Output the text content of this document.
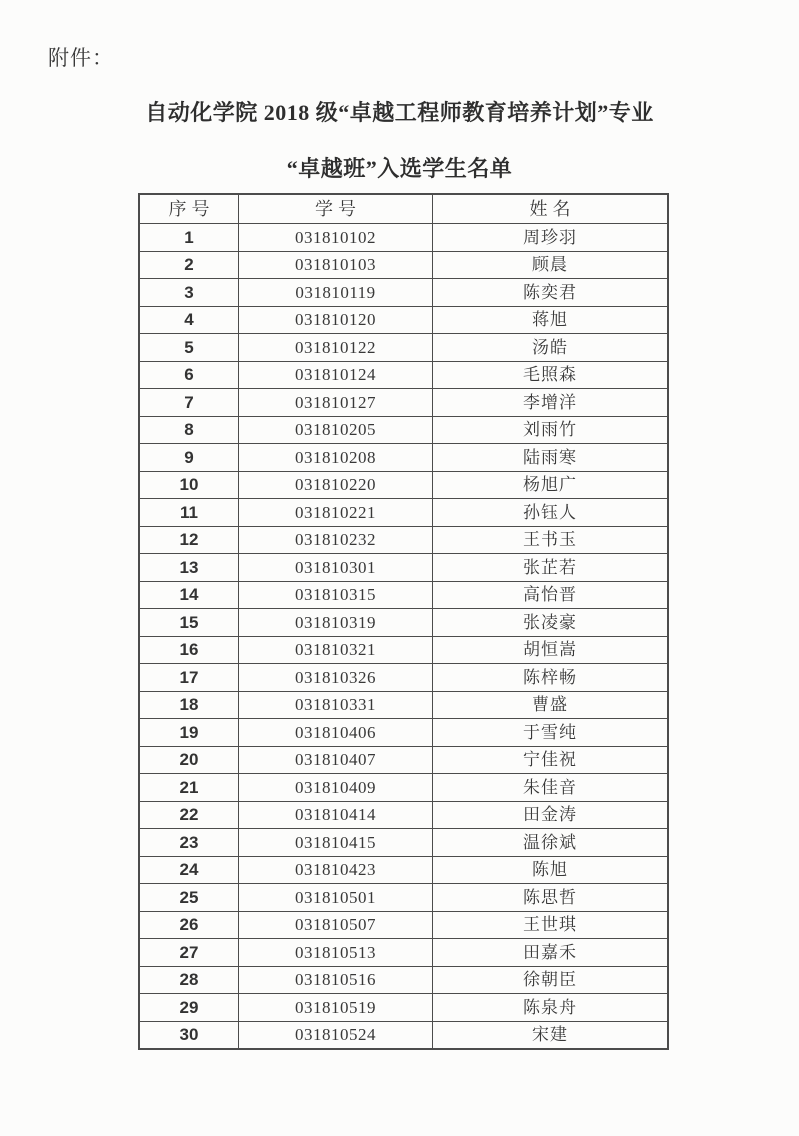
附件：
自动化学院 2018 级“卓越工程师教育培养计划”专业
“卓越班”入选学生名单
序号	学号	姓名
1	031810102	周珍羽
2	031810103	顾晨
3	031810119	陈奕君
4	031810120	蒋旭
5	031810122	汤皓
6	031810124	毛照森
7	031810127	李增洋
8	031810205	刘雨竹
9	031810208	陆雨寒
10	031810220	杨旭广
11	031810221	孙钰人
12	031810232	王书玉
13	031810301	张芷若
14	031810315	高怡晋
15	031810319	张凌豪
16	031810321	胡恒嵩
17	031810326	陈梓畅
18	031810331	曹盛
19	031810406	于雪纯
20	031810407	宁佳祝
21	031810409	朱佳音
22	031810414	田金涛
23	031810415	温徐斌
24	031810423	陈旭
25	031810501	陈思哲
26	031810507	王世琪
27	031810513	田嘉禾
28	031810516	徐朝臣
29	031810519	陈泉舟
30	031810524	宋建
